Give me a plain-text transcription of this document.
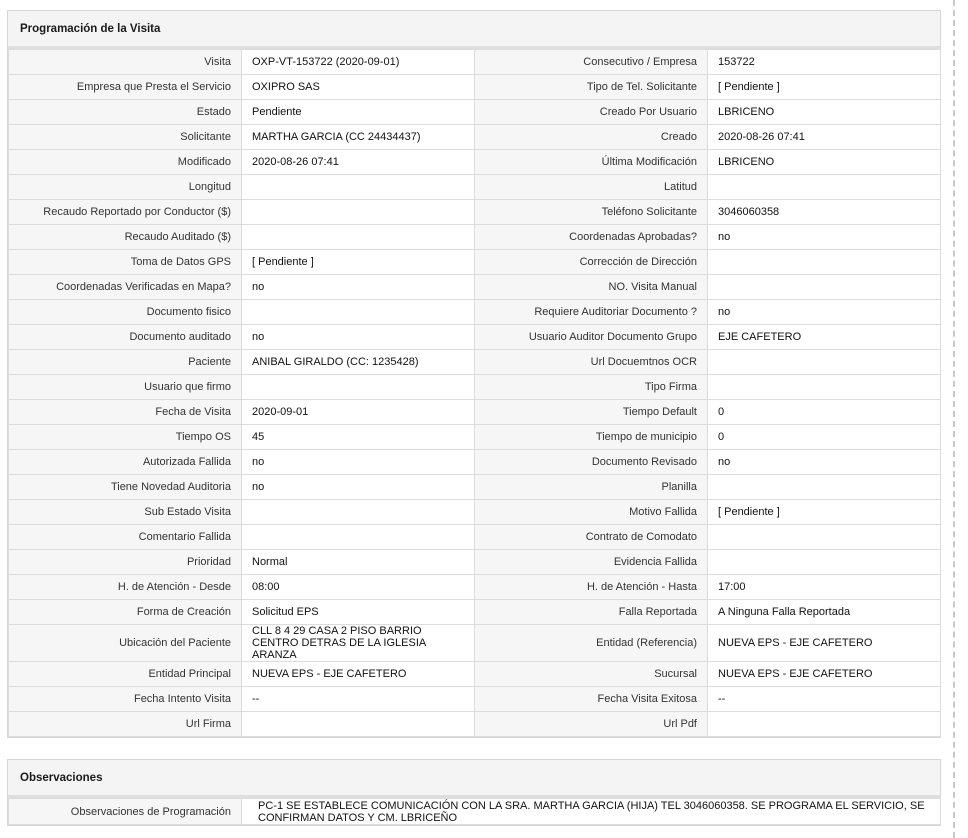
Programación de la Visita
Visita	OXP-VT-153722 (2020-09-01)	Consecutivo / Empresa	153722
Empresa que Presta el Servicio	OXIPRO SAS	Tipo de Tel. Solicitante	[ Pendiente ]
Estado	Pendiente	Creado Por Usuario	LBRICENO
Solicitante	MARTHA GARCIA (CC 24434437)	Creado	2020-08-26 07:41
Modificado	2020-08-26 07:41	Última Modificación	LBRICENO
Longitud		Latitud	
Recaudo Reportado por Conductor ($)		Teléfono Solicitante	3046060358
Recaudo Auditado ($)		Coordenadas Aprobadas?	no
Toma de Datos GPS	[ Pendiente ]	Corrección de Dirección	
Coordenadas Verificadas en Mapa?	no	NO. Visita Manual	
Documento fisico		Requiere Auditoriar Documento ?	no
Documento auditado	no	Usuario Auditor Documento Grupo	EJE CAFETERO
Paciente	ANIBAL GIRALDO (CC: 1235428)	Url Docuemtnos OCR	
Usuario que firmo		Tipo Firma	
Fecha de Visita	2020-09-01	Tiempo Default	0
Tiempo OS	45	Tiempo de municipio	0
Autorizada Fallida	no	Documento Revisado	no
Tiene Novedad Auditoria	no	Planilla	
Sub Estado Visita		Motivo Fallida	[ Pendiente ]
Comentario Fallida		Contrato de Comodato	
Prioridad	Normal	Evidencia Fallida	
H. de Atención - Desde	08:00	H. de Atención - Hasta	17:00
Forma de Creación	Solicitud EPS	Falla Reportada	A Ninguna Falla Reportada
Ubicación del Paciente	CLL 8 4 29 CASA 2 PISO BARRIO CENTRO DETRAS DE LA IGLESIA ARANZA	Entidad (Referencia)	NUEVA EPS - EJE CAFETERO
Entidad Principal	NUEVA EPS - EJE CAFETERO	Sucursal	NUEVA EPS - EJE CAFETERO
Fecha Intento Visita	--	Fecha Visita Exitosa	--
Url Firma		Url Pdf	
Observaciones
Observaciones de Programación	PC-1 SE ESTABLECE COMUNICACIÓN CON LA SRA. MARTHA GARCIA (HIJA) TEL 3046060358. SE PROGRAMA EL SERVICIO, SE CONFIRMAN DATOS Y CM. LBRICEÑO
